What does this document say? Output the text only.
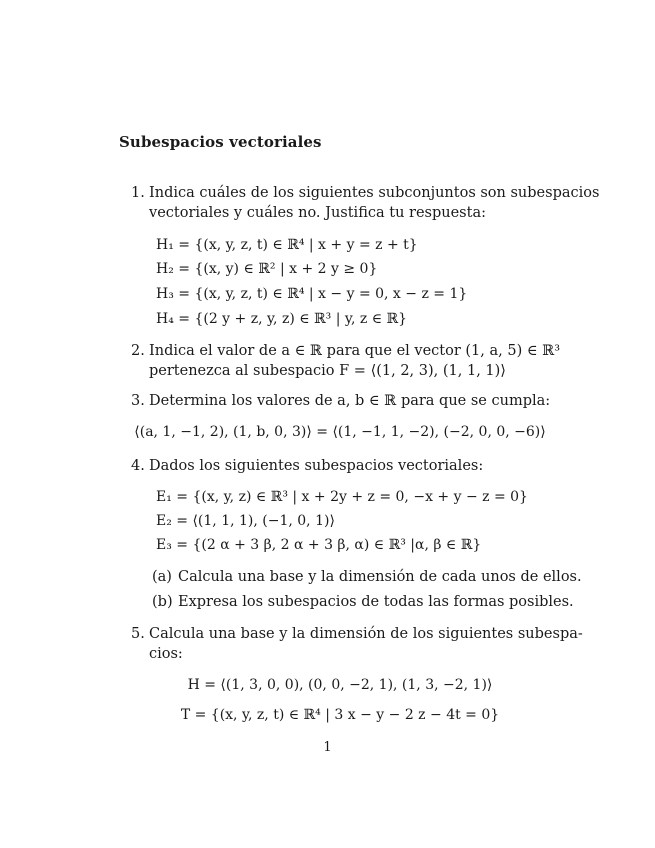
Subespacios vectoriales
1. Indica cuáles de los siguientes subconjuntos son subespacios
vectoriales y cuáles no. Justifica tu respuesta:
H₁ = {(x, y, z, t) ∈ ℝ⁴ | x + y = z + t}
H₂ = {(x, y) ∈ ℝ² | x + 2 y ≥ 0}
H₃ = {(x, y, z, t) ∈ ℝ⁴ | x − y = 0, x − z = 1}
H₄ = {(2 y + z, y, z) ∈ ℝ³ | y, z ∈ ℝ}
2. Indica el valor de a ∈ ℝ para que el vector (1, a, 5) ∈ ℝ³
pertenezca al subespacio F = ⟨(1, 2, 3), (1, 1, 1)⟩
3. Determina los valores de a, b ∈ ℝ para que se cumpla:
⟨(a, 1, −1, 2), (1, b, 0, 3)⟩ = ⟨(1, −1, 1, −2), (−2, 0, 0, −6)⟩
4. Dados los siguientes subespacios vectoriales:
E₁ = {(x, y, z) ∈ ℝ³ | x + 2y + z = 0, −x + y − z = 0}
E₂ = ⟨(1, 1, 1), (−1, 0, 1)⟩
E₃ = {(2 α + 3 β, 2 α + 3 β, α) ∈ ℝ³ |α, β ∈ ℝ}
(a) Calcula una base y la dimensión de cada unos de ellos.
(b) Expresa los subespacios de todas las formas posibles.
5. Calcula una base y la dimensión de los siguientes subespa-
cios:
H = ⟨(1, 3, 0, 0), (0, 0, −2, 1), (1, 3, −2, 1)⟩
T = {(x, y, z, t) ∈ ℝ⁴ | 3 x − y − 2 z − 4t = 0}
1
